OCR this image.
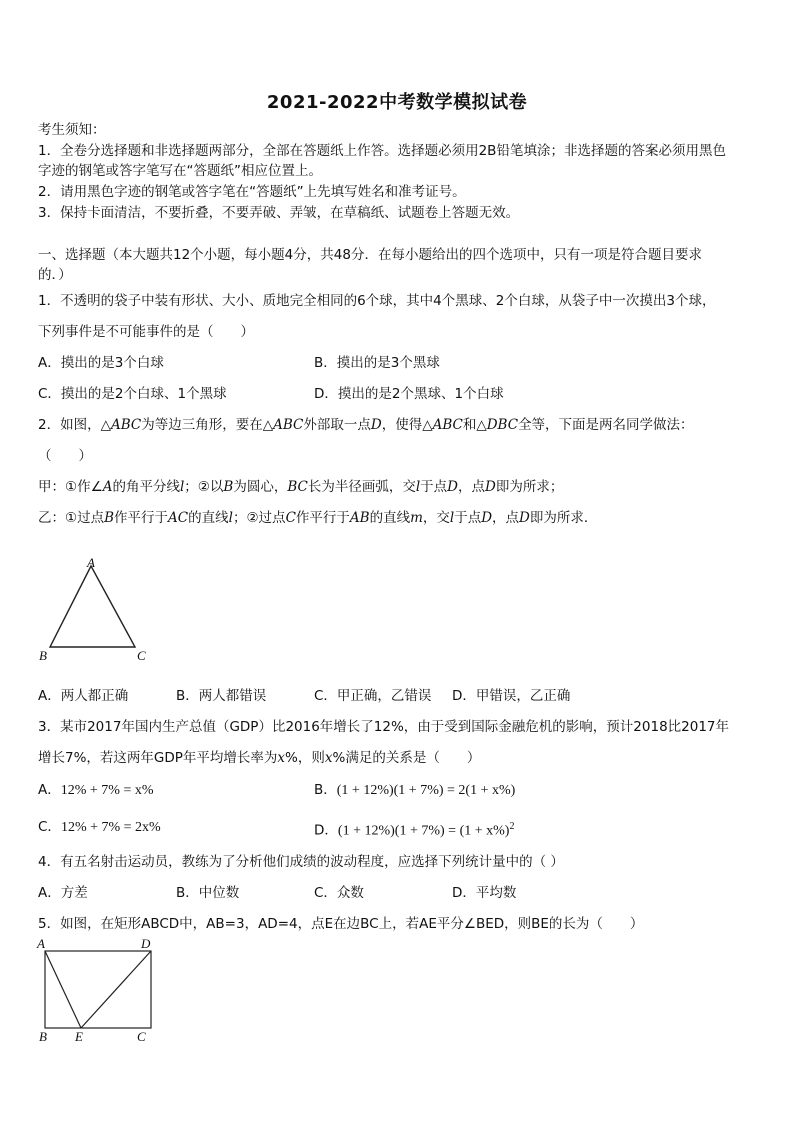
2021-2022中考数学模拟试卷
考生须知：
1．全卷分选择题和非选择题两部分，全部在答题纸上作答。选择题必须用2B铅笔填涂；非选择题的答案必须用黑色
字迹的钢笔或答字笔写在“答题纸”相应位置上。
2．请用黑色字迹的钢笔或答字笔在“答题纸”上先填写姓名和准考证号。
3．保持卡面清洁，不要折叠，不要弄破、弄皱，在草稿纸、试题卷上答题无效。
一、选择题（本大题共12个小题，每小题4分，共48分．在每小题给出的四个选项中，只有一项是符合题目要求
的．）
1．不透明的袋子中装有形状、大小、质地完全相同的6个球，其中4个黑球、2个白球，从袋子中一次摸出3个球，
下列事件是不可能事件的是（　　）
A．摸出的是3个白球	B．摸出的是3个黑球
C．摸出的是2个白球、1个黑球	D．摸出的是2个黑球、1个白球
2．如图，△ABC为等边三角形，要在△ABC外部取一点D，使得△ABC和△DBC全等，下面是两名同学做法：
（　　）
甲：①作∠A的角平分线l；②以B为圆心，BC长为半径画弧，交l于点D，点D即为所求；
乙：①过点B作平行于AC的直线l；②过点C作平行于AB的直线m，交l于点D，点D即为所求．
A
B	C
A．两人都正确	B．两人都错误	C．甲正确，乙错误 D．甲错误，乙正确
3．某市2017年国内生产总值（GDP）比2016年增长了12%，由于受到国际金融危机的影响，预计2018比2017年
增长7%，若这两年GDP年平均增长率为x%，则x%满足的关系是（　　）
A．12% + 7% = x%	B．(1 + 12%)(1 + 7%) = 2(1 + x%)
C．12% + 7% = 2x%	D．$(1 + 12\%)(1 + 7\%) = (1 + x\%)^2$
4．有五名射击运动员，教练为了分析他们成绩的波动程度，应选择下列统计量中的（ ）
A．方差	B．中位数	C．众数	D．平均数
5．如图，在矩形ABCD中，AB=3，AD=4，点E在边BC上，若AE平分∠BED，则BE的长为（　　）
A	D
B E	C
